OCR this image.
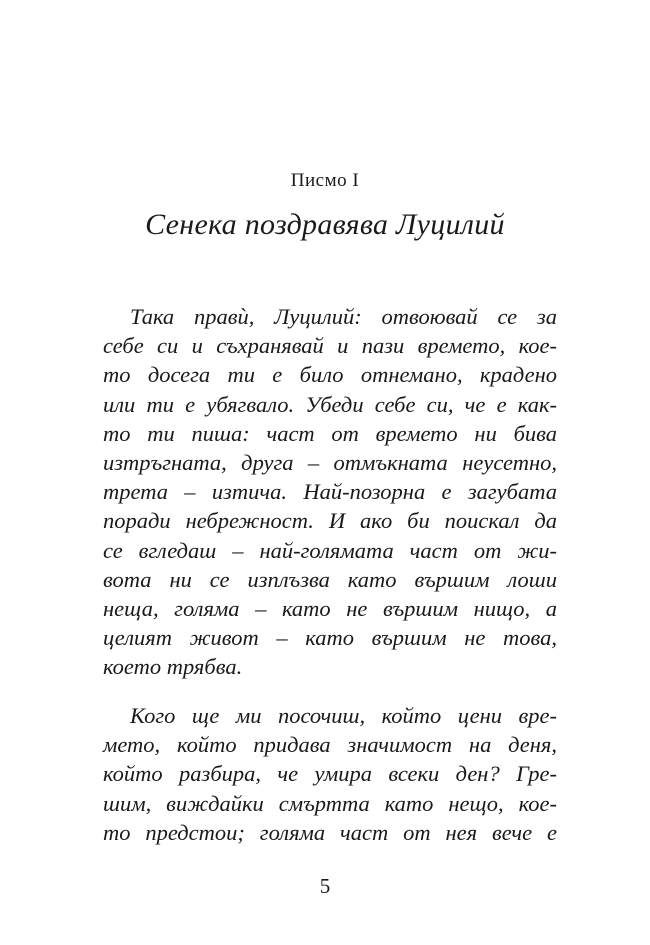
Писмо I
Сенека поздравява Луцилий
Така правѝ, Луцилий: отвоювай се за
себе си и съхранявай и пази времето, кое-
то досега ти е било отнемано, крадено
или ти е убягвало. Убеди себе си, че е как-
то ти пиша: част от времето ни бива
изтръгната, друга – отмъкната неусетно,
трета – изтича. Най-позорна е загубата
поради небрежност. И ако би поискал да
се вгледаш – най-голямата част от жи-
вота ни се изплъзва като вършим лоши
неща, голяма – като не вършим нищо, а
целият живот – като вършим не това,
което трябва.
Кого ще ми посочиш, който цени вре-
мето, който придава значимост на деня,
който разбира, че умира всеки ден? Гре-
шим, виждайки смъртта като нещо, кое-
то предстои; голяма част от нея вече е
5
